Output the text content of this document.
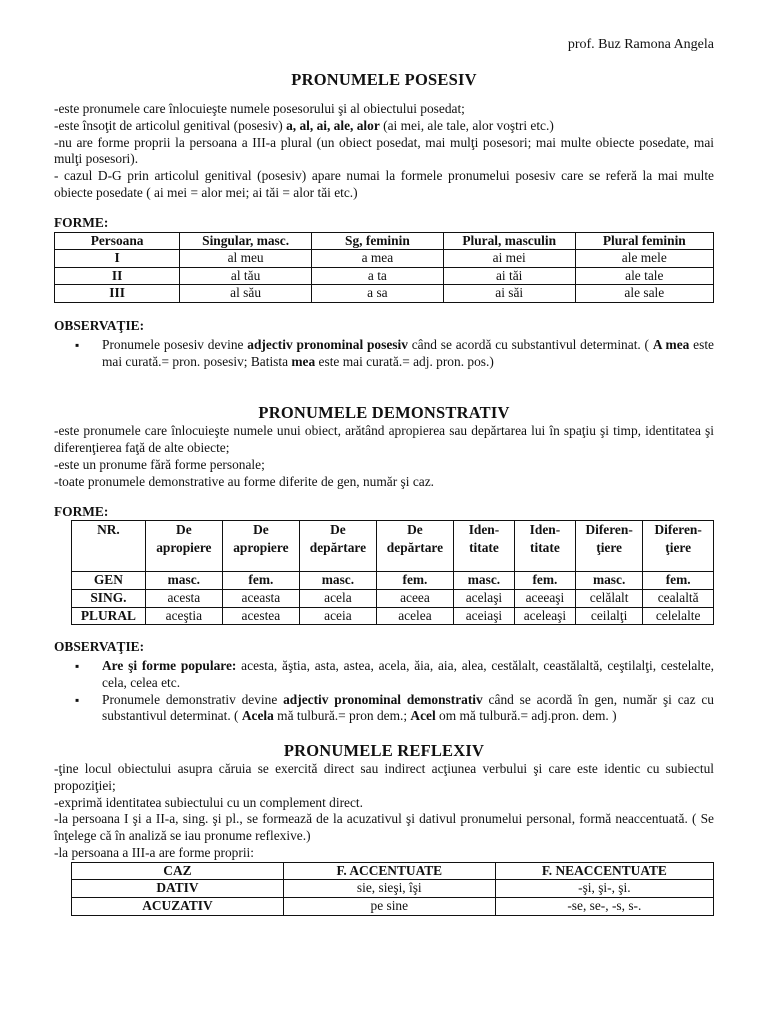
prof. Buz Ramona Angela
PRONUMELE POSESIV

-este pronumele care înlocuieşte numele posesorului şi al obiectului posedat;

-este însoţit de articolul genitival (posesiv) a, al, ai, ale, alor (ai mei, ale tale, alor voştri etc.)

-nu are forme proprii la persoana a III-a plural (un obiect posedat, mai mulţi posesori; mai multe obiecte posedate, mai mulţi posesori).

- cazul D-G prin articolul genitival (posesiv) apare numai la formele pronumelui posesiv care se referă la mai multe obiecte posedate ( ai mei = alor mei; ai tăi = alor tăi etc.)

FORME:

Persoana	Singular, masc.	Sg, feminin	Plural, masculin	Plural feminin
I	al meu	a mea	ai mei	ale mele
II	al tău	a ta	ai tăi	ale tale
III	al său	a sa	ai săi	ale sale

OBSERVAŢIE:

▪ Pronumele posesiv devine adjectiv pronominal posesiv când se acordă cu substantivul determinat. ( A mea este mai curată.= pron. posesiv; Batista mea este mai curată.= adj. pron. pos.)
PRONUMELE DEMONSTRATIV

-este pronumele care înlocuieşte numele unui obiect, arătând apropierea sau depărtarea lui în spaţiu şi timp, identitatea şi diferenţierea faţă de alte obiecte;

-este un pronume fără forme personale;

-toate pronumele demonstrative au forme diferite de gen, număr şi caz.

FORME:

NR.	De apropiere	De apropiere	De depărtare	De depărtare	Iden-titate	Iden-titate	Diferen-ţiere	Diferen-ţiere
GEN	masc.	fem.	masc.	fem.	masc.	fem.	masc.	fem.
SING.	acesta	aceasta	acela	aceea	acelaşi	aceeaşi	celălalt	cealaltă
PLURAL	aceştia	acestea	aceia	acelea	aceiaşi	aceleaşi	ceilalţi	celelalte

OBSERVAŢIE:

▪ Are şi forme populare: acesta, ăştia, asta, astea, acela, ăia, aia, alea, cestălalt, ceastălaltă, ceştilalţi, cestelalte, cela, celea etc.
▪ Pronumele demonstrativ devine adjectiv pronominal demonstrativ când se acordă în gen, număr şi caz cu substantivul determinat. ( Acela mă tulbură.= pron dem.; Acel om mă tulbură.= adj.pron. dem. )
PRONUMELE REFLEXIV

-ţine locul obiectului asupra căruia se exercită direct sau indirect acţiunea verbului şi care este identic cu subiectul propoziţiei;

-exprimă identitatea subiectului cu un complement direct.

-la persoana I şi a II-a, sing. şi pl., se formează de la acuzativul şi dativul pronumelui personal, formă neaccentuată. ( Se înţelege că în analiză se iau pronume reflexive.)

-la persoana a III-a are forme proprii:

CAZ	F. ACCENTUATE	F. NEACCENTUATE
DATIV	sie, sieşi, îşi	-şi, şi-, şi.
ACUZATIV	pe sine	-se, se-, -s, s-.
